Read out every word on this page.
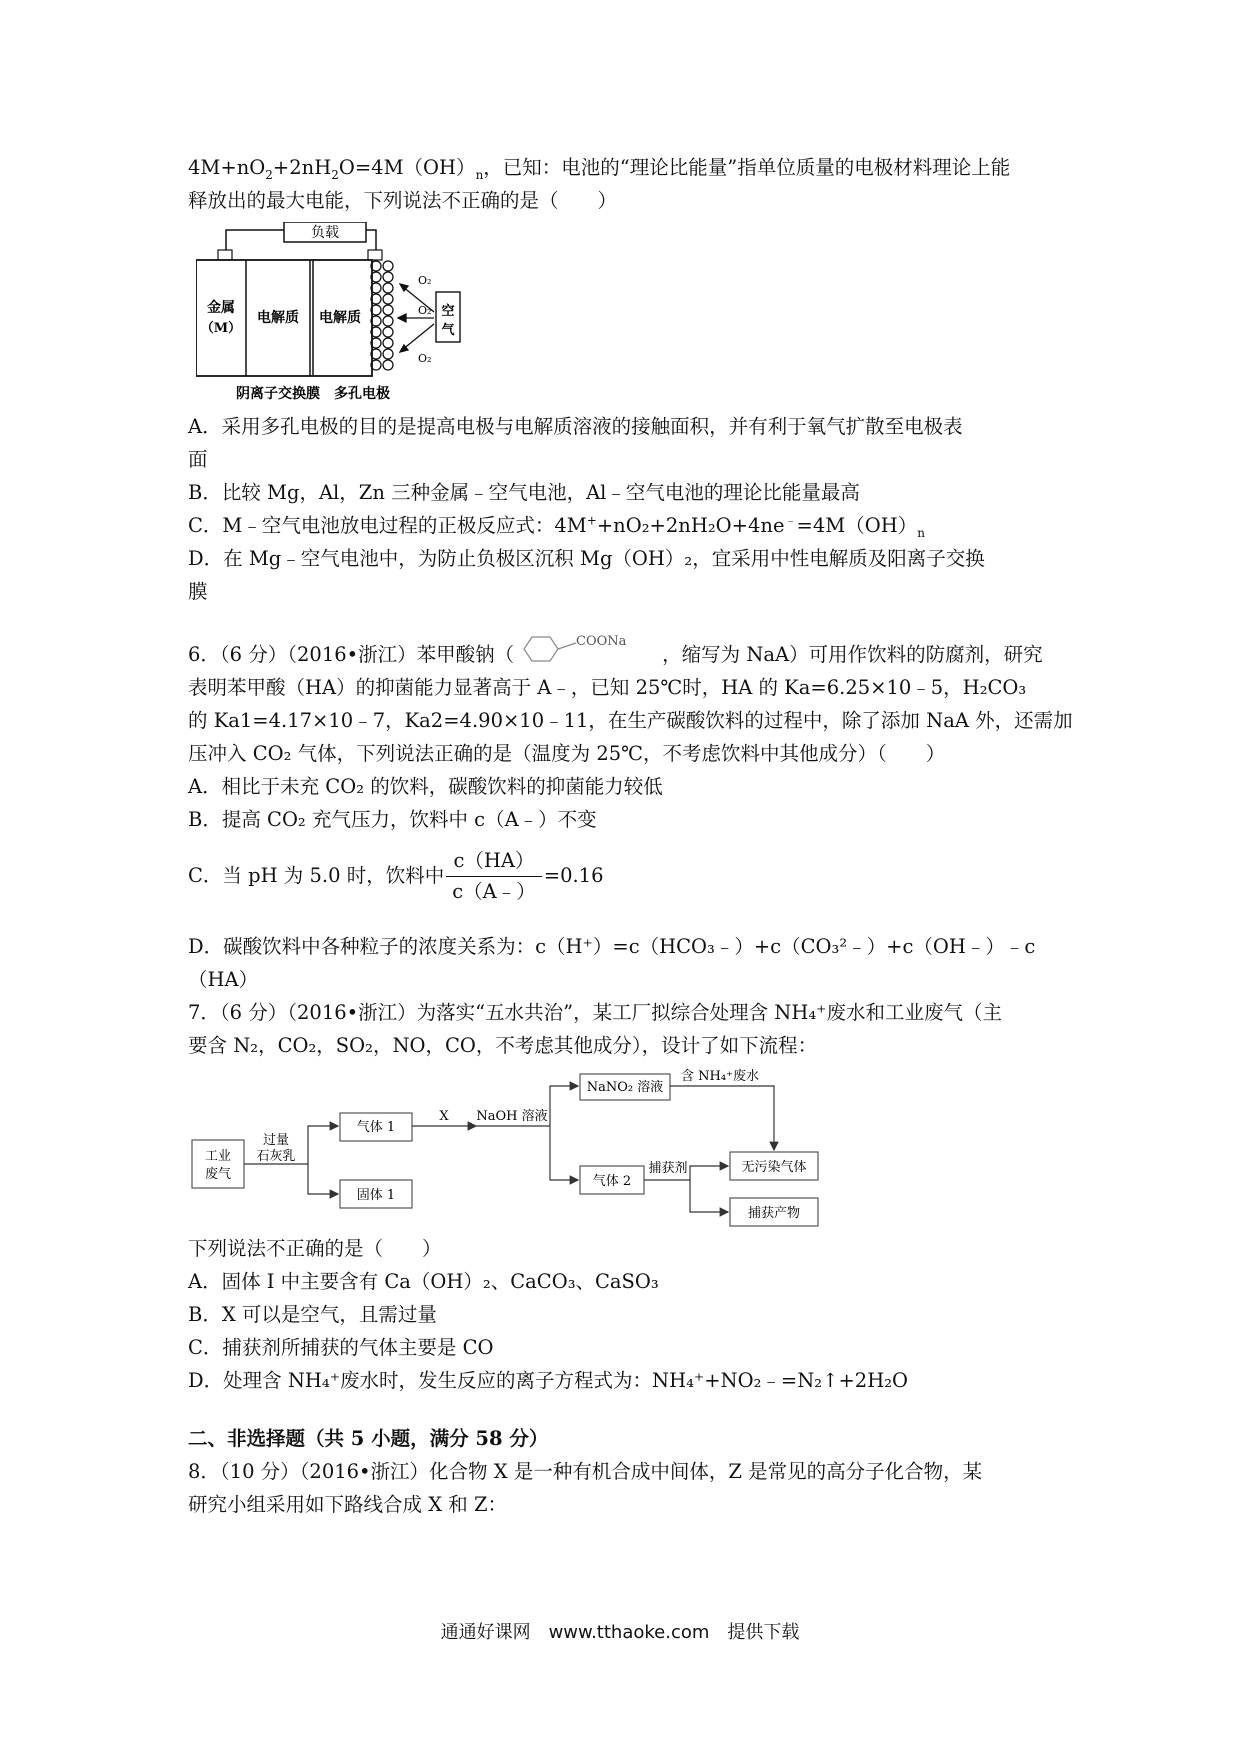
$4M+nO_2+2nH_2O=4M(OH)_n$，已知：电池的“理论比能量”指单位质量的电极材料理论上能
释放出的最大电能，下列说法不正确的是（　　）
负载
金属
（M）
电解质 电解质
O₂
O₂
O₂
空
气
阴离子交换膜　多孔电极
A．采用多孔电极的目的是提高电极与电解质溶液的接触面积，并有利于氧气扩散至电极表
面
B．比较 Mg，Al，Zn 三种金属﹣空气电池，Al﹣空气电池的理论比能量最高
C．M﹣空气电池放电过程的正极反应式：$4M^++nO_2+2nH_2O+4ne^﹣=4M(OH)_n$
D．在 Mg﹣空气电池中，为防止负极区沉积 Mg（OH）₂，宜采用中性电解质及阳离子交换
膜
6．（6 分）（2016•浙江）苯甲酸钠（
COONa
，缩写为 NaA）可用作饮料的防腐剂，研究
表明苯甲酸（HA）的抑菌能力显著高于 A﹣，已知 25℃时，HA 的 Ka=6.25×10﹣5，H₂CO₃
的 Ka1=4.17×10﹣7，Ka2=4.90×10﹣11，在生产碳酸饮料的过程中，除了添加 NaA 外，还需加
压冲入 CO₂ 气体，下列说法正确的是（温度为 25℃，不考虑饮料中其他成分）（　　）
A．相比于未充 CO₂ 的饮料，碳酸饮料的抑菌能力较低
B．提高 CO₂ 充气压力，饮料中 c（A﹣）不变
C．当 pH 为 5.0 时，饮料中 $\frac{c(HA)}{c(A﹣)} =0.16$
D．碳酸饮料中各种粒子的浓度关系为：c（H⁺）=c（HCO₃﹣）+c（CO₃²﹣）+c（OH﹣）﹣c
（HA）
7．（6 分）（2016•浙江）为落实“五水共治”，某工厂拟综合处理含 NH₄⁺废水和工业废气（主
要含 N₂，CO₂，SO₂，NO，CO，不考虑其他成分），设计了如下流程：
工业
废气
过量
石灰乳
气体 1
固体 1
X NaOH 溶液
NaNO₂ 溶液
含 NH₄⁺废水
气体 2
捕获剂	无污染气体
捕获产物
下列说法不正确的是（　　）
A．固体 I 中主要含有 Ca（OH）₂、CaCO₃、CaSO₃
B．X 可以是空气，且需过量
C．捕获剂所捕获的气体主要是 CO
D．处理含 NH₄⁺废水时，发生反应的离子方程式为：NH₄⁺+NO₂﹣=N₂↑+2H₂O
二、非选择题（共 5 小题，满分 58 分）
8．（10 分）（2016•浙江）化合物 X 是一种有机合成中间体，Z 是常见的高分子化合物，某
研究小组采用如下路线合成 X 和 Z：
通通好课网　www.tthaoke.com　提供下载
